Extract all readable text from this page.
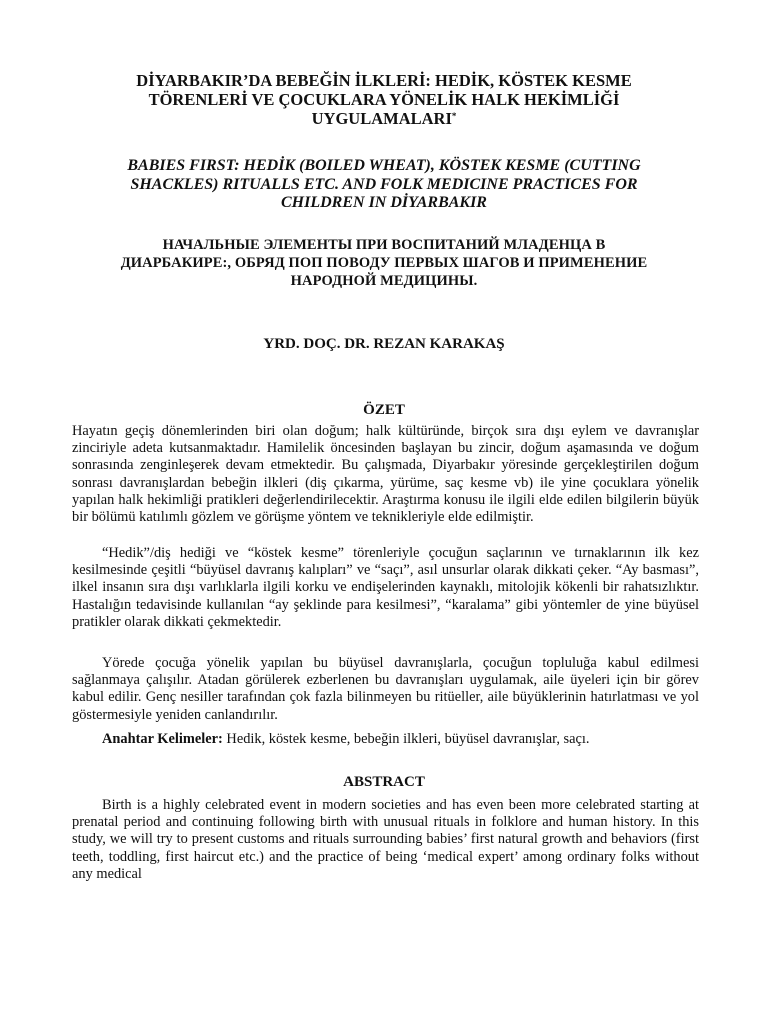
DİYARBAKIR’DA BEBEĞİN İLKLERİ: HEDİK, KÖSTEK KESME
TÖRENLERİ VE ÇOCUKLARA YÖNELİK HALK HEKİMLİĞİ
UYGULAMALARI*
BABIES FIRST: HEDİK (BOILED WHEAT), KÖSTEK KESME (CUTTING
SHACKLES) RITUALLS ETC. AND FOLK MEDICINE PRACTICES FOR
CHILDREN IN DİYARBAKIR
НАЧАЛЬНЫЕ ЭЛЕМЕНТЫ ПРИ ВОСПИТАНИЙ МЛАДЕНЦА В
ДИАРБАКИРЕ:, ОБРЯД ПОП ПОВОДУ ПЕРВЫХ ШАГОВ И ПРИМЕНЕНИЕ
НАРОДНОЙ МЕДИЦИНЫ.
YRD. DOÇ. DR. REZAN KARAKAŞ
ÖZET

Hayatın geçiş dönemlerinden biri olan doğum; halk kültüründe, birçok sıra dışı eylem ve davranışlar zinciriyle adeta kutsanmaktadır. Hamilelik öncesinden başlayan bu zincir, doğum aşamasında ve doğum sonrasında zenginleşerek devam etmektedir. Bu çalışmada, Diyarbakır yöresinde gerçekleştirilen doğum sonrası davranışlardan bebeğin ilkleri (diş çıkarma, yürüme, saç kesme vb) ile yine çocuklara yönelik yapılan halk hekimliği pratikleri değerlendirilecektir. Araştırma konusu ile ilgili elde edilen bilgilerin büyük bir bölümü katılımlı gözlem ve görüşme yöntem ve teknikleriyle elde edilmiştir.

“Hedik”/diş hediği ve “köstek kesme” törenleriyle çocuğun saçlarının ve tırnaklarının ilk kez kesilmesinde çeşitli “büyüsel davranış kalıpları” ve “saçı”, asıl unsurlar olarak dikkati çeker. “Ay basması”, ilkel insanın sıra dışı varlıklarla ilgili korku ve endişelerinden kaynaklı, mitolojik kökenli bir rahatsızlıktır. Hastalığın tedavisinde kullanılan “ay şeklinde para kesilmesi”, “karalama” gibi yöntemler de yine büyüsel pratikler olarak dikkati çekmektedir.

Yörede çocuğa yönelik yapılan bu büyüsel davranışlarla, çocuğun topluluğa kabul edilmesi sağlanmaya çalışılır. Atadan görülerek ezberlenen bu davranışları uygulamak, aile üyeleri için bir görev kabul edilir. Genç nesiller tarafından çok fazla bilinmeyen bu ritüeller, aile büyüklerinin hatırlatması ve yol göstermesiyle yeniden canlandırılır.

Anahtar Kelimeler: Hedik, köstek kesme, bebeğin ilkleri, büyüsel davranışlar, saçı.

ABSTRACT

Birth is a highly celebrated event in modern societies and has even been more celebrated starting at prenatal period and continuing following birth with unusual rituals in folklore and human history. In this study, we will try to present customs and rituals surrounding babies’ first natural growth and behaviors (first teeth, toddling, first haircut etc.) and the practice of being ‘medical expert’ among ordinary folks without any medical
